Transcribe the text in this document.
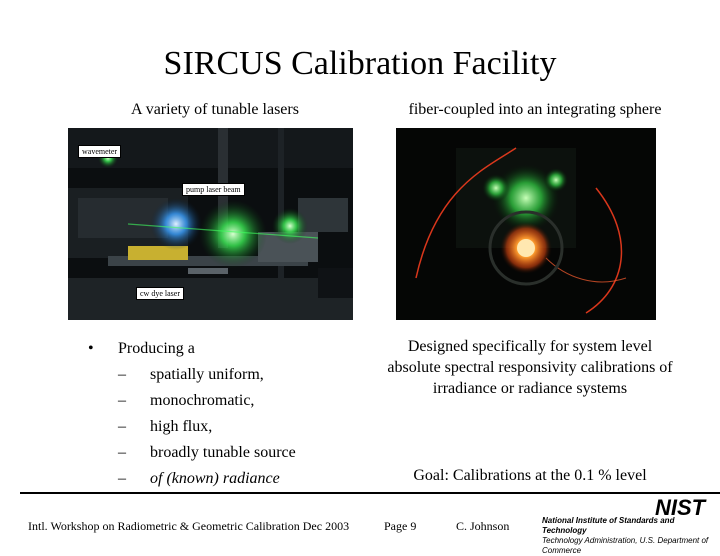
SIRCUS Calibration Facility
A variety of tunable lasers	fiber-coupled into an integrating sphere
wavemeter
pump laser beam
cw dye laser
•	Producing a
–	spatially uniform,
–	monochromatic,
–	high flux,
–	broadly tunable source
–	of (known) radiance
Designed specifically for system level absolute spectral responsivity calibrations of irradiance or radiance systems
Goal: Calibrations at the 0.1 % level
Intl. Workshop on Radiometric & Geometric Calibration Dec 2003	Page 9	C. Johnson
NIST
National Institute of Standards and Technology
Technology Administration, U.S. Department of Commerce
